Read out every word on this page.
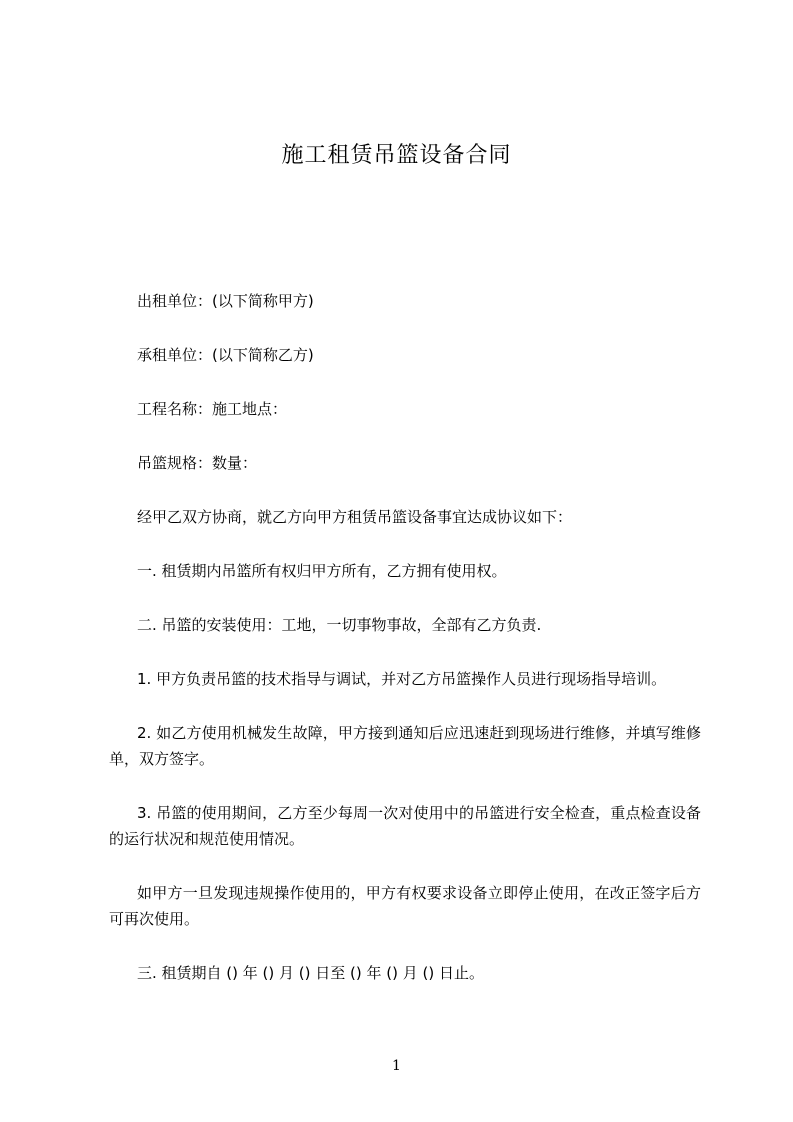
施工租赁吊篮设备合同

出租单位：(以下简称甲方)

承租单位：(以下简称乙方)

工程名称：施工地点：

吊篮规格：数量：

经甲乙双方协商，就乙方向甲方租赁吊篮设备事宜达成协议如下：

一. 租赁期内吊篮所有权归甲方所有，乙方拥有使用权。

二. 吊篮的安装使用：工地，一切事物事故，全部有乙方负责.

1. 甲方负责吊篮的技术指导与调试，并对乙方吊篮操作人员进行现场指导培训。

2. 如乙方使用机械发生故障，甲方接到通知后应迅速赶到现场进行维修，并填写维修单，双方签字。

3. 吊篮的使用期间，乙方至少每周一次对使用中的吊篮进行安全检查，重点检查设备的运行状况和规范使用情况。

如甲方一旦发现违规操作使用的，甲方有权要求设备立即停止使用，在改正签字后方可再次使用。

三. 租赁期自 () 年 () 月 () 日至 () 年 () 月 () 日止。

1
